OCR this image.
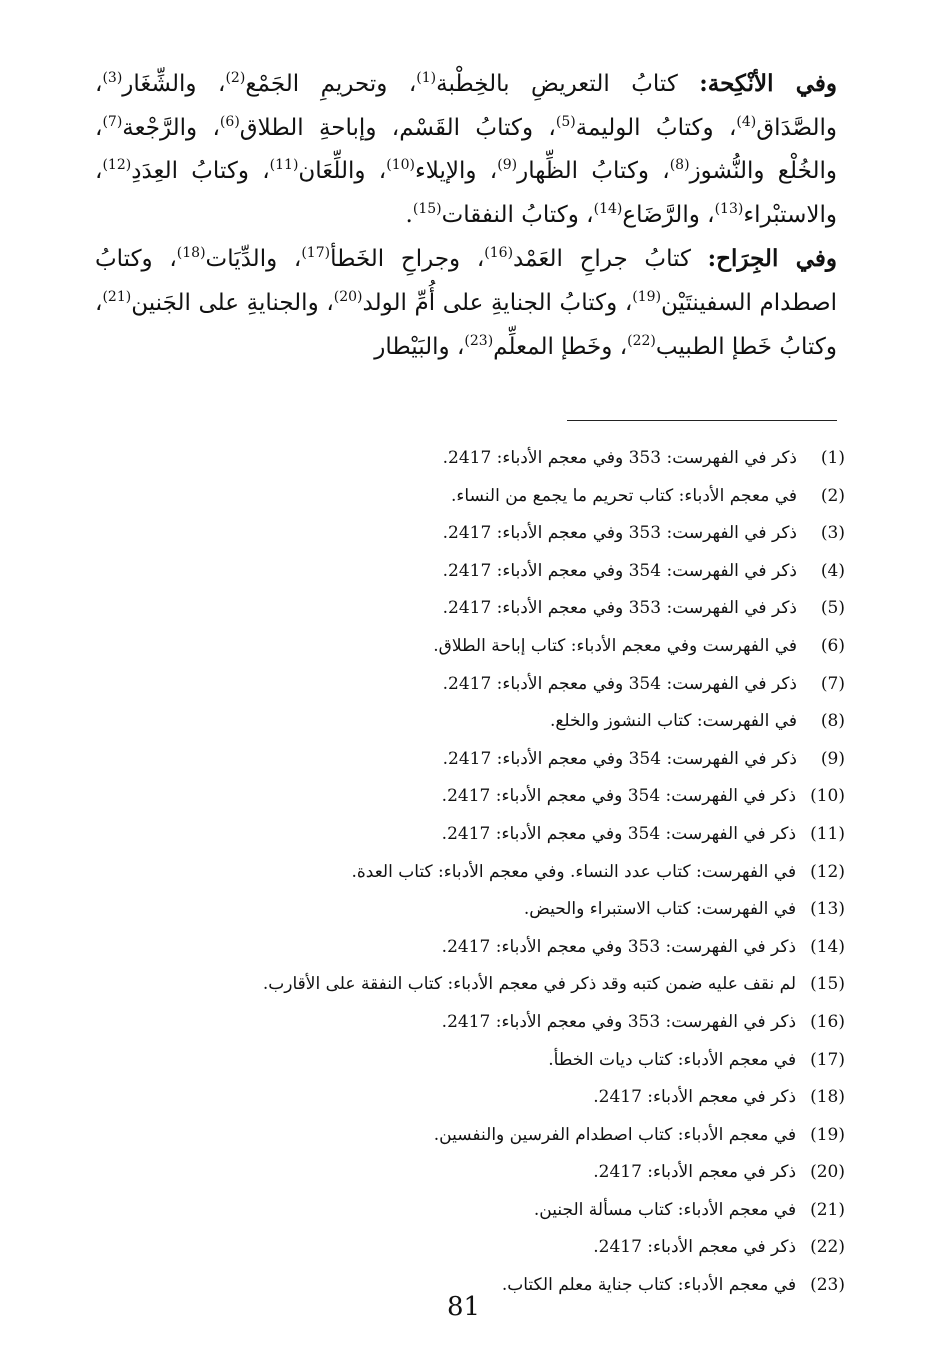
وفي الأنْكِحة: كتابُ التعريضِ بالخِطْبة$^{(1)}$، وتحريمِ الجَمْع$^{(2)}$، والشِّغَار$^{(3)}$، والصَّدَاق$^{(4)}$، وكتابُ الوليمة$^{(5)}$، وكتابُ القَسْم، وإباحةِ الطلاق$^{(6)}$، والرَّجْعة$^{(7)}$، والخُلْع والنُّشوز$^{(8)}$، وكتابُ الظِّهار$^{(9)}$، والإيلاء$^{(10)}$، واللِّعَان$^{(11)}$، وكتابُ العِدَدِ$^{(12)}$، والاستبْراء$^{(13)}$، والرَّضَاع$^{(14)}$، وكتابُ النفقات$^{(15)}$.

وفي الجِرَاح: كتابُ جراحِ العَمْد$^{(16)}$، وجراحِ الخَطأ$^{(17)}$، والدِّيَات$^{(18)}$، وكتابُ اصطدام السفينتَيْن$^{(19)}$، وكتابُ الجنايةِ على أُمِّ الولد$^{(20)}$، والجنايةِ على الجَنين$^{(21)}$، وكتابُ خَطإ الطبيب$^{(22)}$، وخَطإ المعلِّم$^{(23)}$، والبَيْطار

(1)ذكر في الفهرست: 353 وفي معجم الأدباء: 2417.
(2)في معجم الأدباء: كتاب تحريم ما يجمع من النساء.
(3)ذكر في الفهرست: 353 وفي معجم الأدباء: 2417.
(4)ذكر في الفهرست: 354 وفي معجم الأدباء: 2417.
(5)ذكر في الفهرست: 353 وفي معجم الأدباء: 2417.
(6)في الفهرست وفي معجم الأدباء: كتاب إباحة الطلاق.
(7)ذكر في الفهرست: 354 وفي معجم الأدباء: 2417.
(8)في الفهرست: كتاب النشوز والخلع.
(9)ذكر في الفهرست: 354 وفي معجم الأدباء: 2417.
(10)ذكر في الفهرست: 354 وفي معجم الأدباء: 2417.
(11)ذكر في الفهرست: 354 وفي معجم الأدباء: 2417.
(12)في الفهرست: كتاب عدد النساء. وفي معجم الأدباء: كتاب العدة.
(13)في الفهرست: كتاب الاستبراء والحيض.
(14)ذكر في الفهرست: 353 وفي معجم الأدباء: 2417.
(15)لم نقف عليه ضمن كتبه وقد ذكر في معجم الأدباء: كتاب النفقة على الأقارب.
(16)ذكر في الفهرست: 353 وفي معجم الأدباء: 2417.
(17)في معجم الأدباء: كتاب ديات الخطأ.
(18)ذكر في معجم الأدباء: 2417.
(19)في معجم الأدباء: كتاب اصطدام الفرسين والنفسين.
(20)ذكر في معجم الأدباء: 2417.
(21)في معجم الأدباء: كتاب مسألة الجنين.
(22)ذكر في معجم الأدباء: 2417.
(23)في معجم الأدباء: كتاب جناية معلم الكتاب.
81
